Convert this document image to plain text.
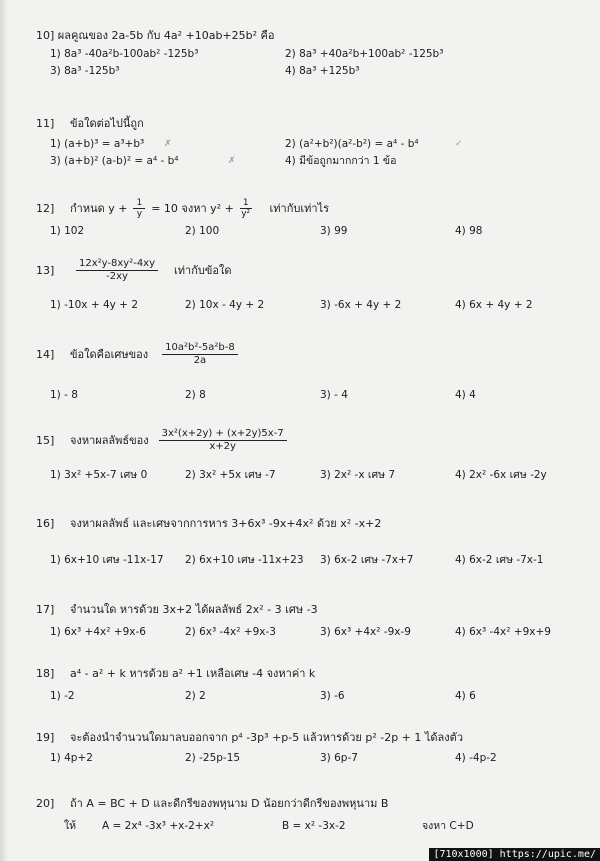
10] ผลคูณของ 2a-5b กับ 4a² +10ab+25b² คือ
1) 8a³ -40a²b-100ab² -125b³	2) 8a³ +40a²b+100ab² -125b³
3) 8a³ -125b³	4) 8a³ +125b³
11]	ข้อใดต่อไปนี้ถูก
1) (a+b)³ = a³+b³	2) (a²+b²)(a²-b²) = a⁴ - b⁴
3) (a+b)² (a-b)² = a⁴ - b⁴	4) มีข้อถูกมากกว่า 1 ข้อ
✗	✓
✗
12]	กำหนด $y + \frac{1}{y} = 10$ จงหา $y^2 + \frac{1}{\text{y²}}$ เท่ากับเท่าไร
1) 102	2) 100	3) 99	4) 98
13]	$\frac{\text{12x²y-8xy²-4xy}}{-2xy}$ เท่ากับข้อใด
1) -10x + 4y + 2	2) 10x - 4y + 2	3) -6x + 4y + 2	4) 6x + 4y + 2
14]	ข้อใดคือเศษของ $\frac{\text{10a²b²-5a²b-8}}{2a}$
1) - 8	2) 8	3) - 4	4) 4
15]	จงหาผลลัพธ์ของ $\frac{\text{3x²(x+2y) + (x+2y)5x-7}}{x+2y}$
1) 3x² +5x-7 เศษ 0	2) 3x² +5x เศษ -7	3) 2x² -x เศษ 7	4) 2x² -6x เศษ -2y
16]	จงหาผลลัพธ์ และเศษจากการหาร 3+6x³ -9x+4x² ด้วย x² -x+2
1) 6x+10 เศษ -11x-17	2) 6x+10 เศษ -11x+23	3) 6x-2 เศษ -7x+7	4) 6x-2 เศษ -7x-1
17]	จำนวนใด หารด้วย 3x+2 ได้ผลลัพธ์ 2x² - 3 เศษ -3
1) 6x³ +4x² +9x-6	2) 6x³ -4x² +9x-3	3) 6x³ +4x² -9x-9	4) 6x³ -4x² +9x+9
18]	a⁴ - a² + k หารด้วย a² +1 เหลือเศษ -4 จงหาค่า k
1) -2	2) 2	3) -6	4) 6
19]	จะต้องนำจำนวนใดมาลบออกจาก p⁴ -3p³ +p-5 แล้วหารด้วย p² -2p + 1 ได้ลงตัว
1) 4p+2	2) -25p-15	3) 6p-7	4) -4p-2
20]	ถ้า A = BC + D และดีกรีของพหุนาม D น้อยกว่าดีกรีของพหุนาม B
ให้	A = 2x⁴ -3x³ +x-2+x²	B = x² -3x-2	จงหา C+D
[710x1000] https://upic.me/
